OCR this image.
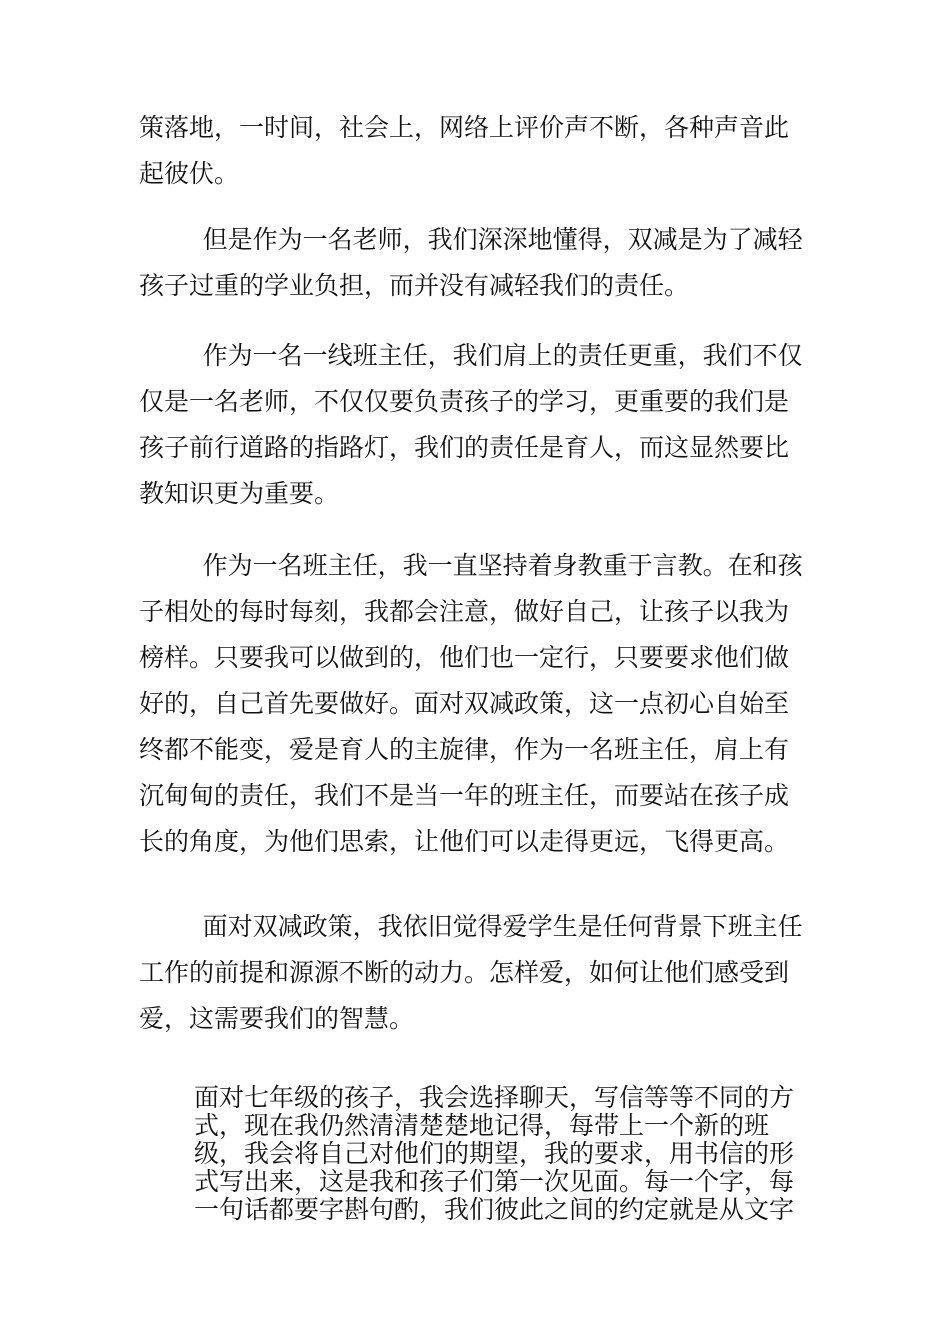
策落地，一时间，社会上，网络上评价声不断，各种声音此
起彼伏。

但是作为一名老师，我们深深地懂得，双减是为了减轻
孩子过重的学业负担，而并没有减轻我们的责任。

作为一名一线班主任，我们肩上的责任更重，我们不仅
仅是一名老师，不仅仅要负责孩子的学习，更重要的我们是
孩子前行道路的指路灯，我们的责任是育人，而这显然要比
教知识更为重要。

作为一名班主任，我一直坚持着身教重于言教。在和孩
子相处的每时每刻，我都会注意，做好自己，让孩子以我为
榜样。只要我可以做到的，他们也一定行，只要要求他们做
好的，自己首先要做好。面对双减政策，这一点初心自始至
终都不能变，爱是育人的主旋律，作为一名班主任，肩上有
沉甸甸的责任，我们不是当一年的班主任，而要站在孩子成
长的角度，为他们思索，让他们可以走得更远，飞得更高。

面对双减政策，我依旧觉得爱学生是任何背景下班主任
工作的前提和源源不断的动力。怎样爱，如何让他们感受到
爱，这需要我们的智慧。

面对七年级的孩子，我会选择聊天，写信等等不同的方
式，现在我仍然清清楚楚地记得，每带上一个新的班
级，我会将自己对他们的期望，我的要求，用书信的形
式写出来，这是我和孩子们第一次见面。每一个字，每
一句话都要字斟句酌，我们彼此之间的约定就是从文字
